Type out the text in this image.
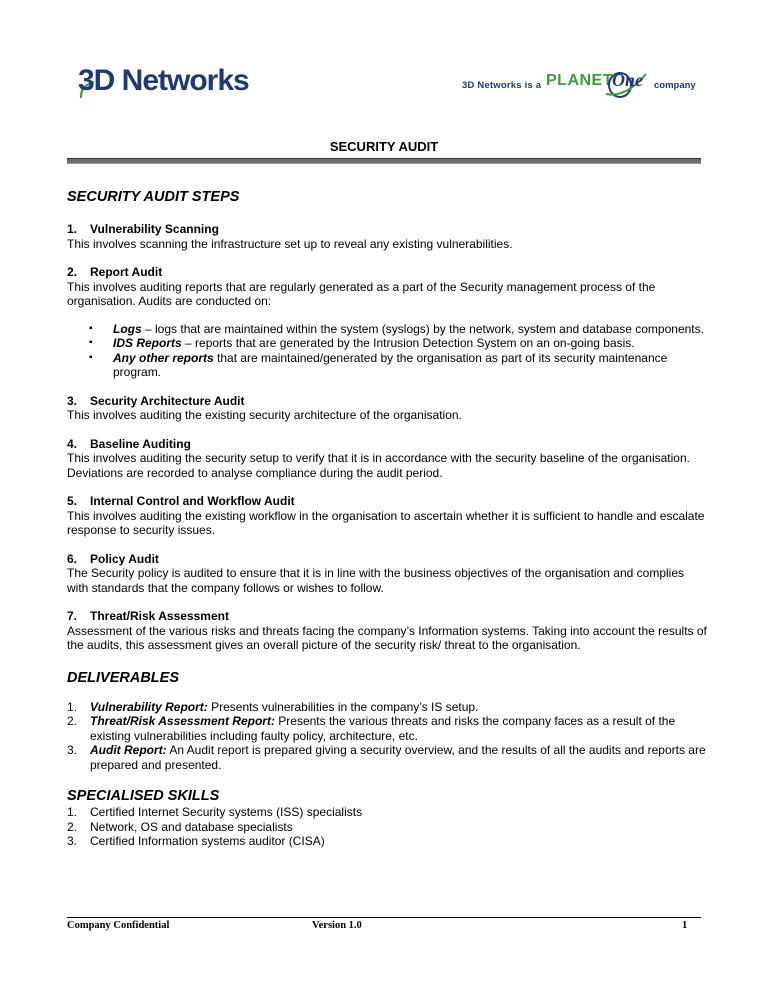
3D Networks	3D Networks is a PLANET One company
SECURITY AUDIT
SECURITY AUDIT STEPS
1. Vulnerability Scanning
This involves scanning the infrastructure set up to reveal any existing vulnerabilities.
2. Report Audit
This involves auditing reports that are regularly generated as a part of the Security management process of the organisation. Audits are conducted on:
▪ Logs – logs that are maintained within the system (syslogs) by the network, system and database components.
▪ IDS Reports – reports that are generated by the Intrusion Detection System on an on-going basis.
▪ Any other reports that are maintained/generated by the organisation as part of its security maintenance program.
3. Security Architecture Audit
This involves auditing the existing security architecture of the organisation.
4. Baseline Auditing
This involves auditing the security setup to verify that it is in accordance with the security baseline of the organisation. Deviations are recorded to analyse compliance during the audit period.
5. Internal Control and Workflow Audit
This involves auditing the existing workflow in the organisation to ascertain whether it is sufficient to handle and escalate response to security issues.
6. Policy Audit
The Security policy is audited to ensure that it is in line with the business objectives of the organisation and complies with standards that the company follows or wishes to follow.
7. Threat/Risk Assessment
Assessment of the various risks and threats facing the company’s Information systems. Taking into account the results of the audits, this assessment gives an overall picture of the security risk/ threat to the organisation.
DELIVERABLES
1. Vulnerability Report: Presents vulnerabilities in the company’s IS setup.
2. Threat/Risk Assessment Report: Presents the various threats and risks the company faces as a result of the existing vulnerabilities including faulty policy, architecture, etc.
3. Audit Report: An Audit report is prepared giving a security overview, and the results of all the audits and reports are prepared and presented.
SPECIALISED SKILLS
1. Certified Internet Security systems (ISS) specialists
2. Network, OS and database specialists
3. Certified Information systems auditor (CISA)
Company Confidential	Version 1.0	1
